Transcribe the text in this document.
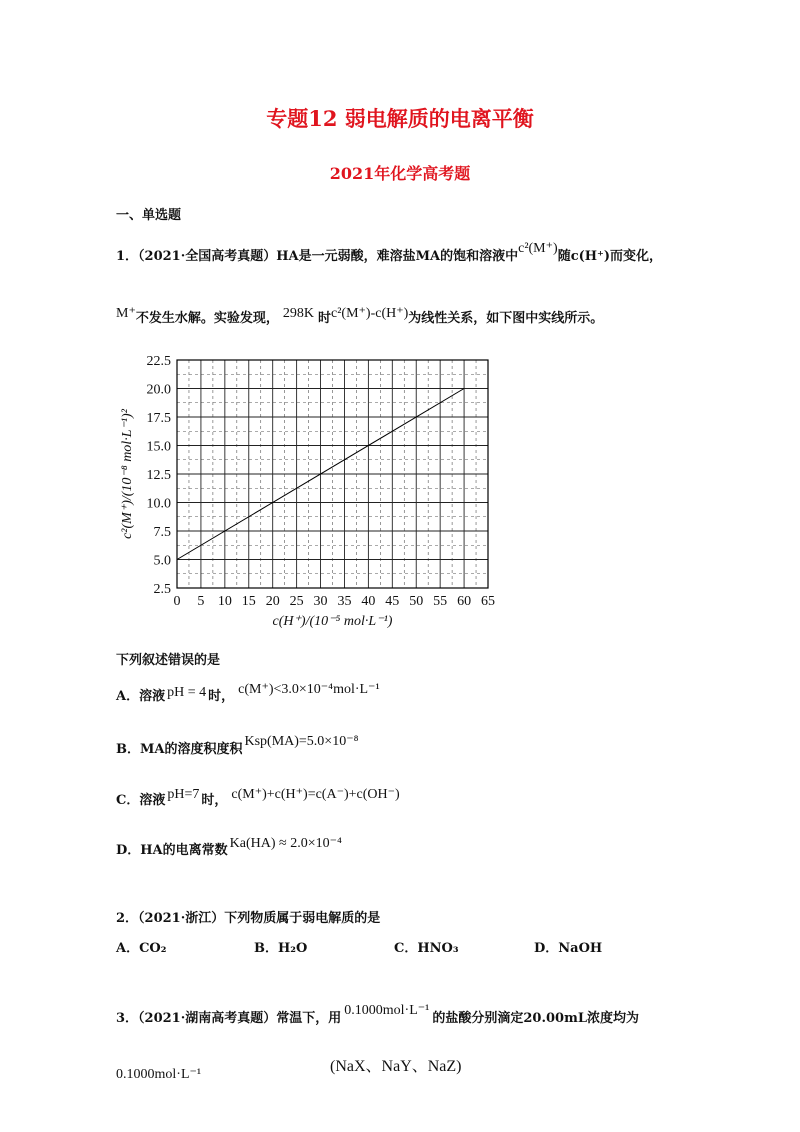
专题12 弱电解质的电离平衡
2021年化学高考题
一、单选题
1．（2021·全国高考真题）HA是一元弱酸，难溶盐MA的饱和溶液中c²(M⁺)随c(H⁺)而变化，
M⁺不发生水解。实验发现， 298K 时c²(M⁺)-c(H⁺)为线性关系，如下图中实线所示。
0 5 10 15 20 25 30 35 40 45 50 55 60 65
2.5
5.0
7.5
10.0
12.5
15.0
17.5
20.0
22.5
c(H⁺)/(10⁻⁵ mol·L⁻¹)
c²(M⁺)/(10⁻⁸ mol·L⁻¹)²
下列叙述错误的是
A．溶液 pH = 4 时， c(M⁺)<3.0×10⁻⁴mol·L⁻¹
B．MA的溶度积度积Ksp(MA)=5.0×10⁻⁸
C．溶液 pH=7 时， c(M⁺)+c(H⁺)=c(A⁻)+c(OH⁻)
D．HA的电离常数 Ka(HA) ≈ 2.0×10⁻⁴
2．（2021·浙江）下列物质属于弱电解质的是
A．CO₂	B．H₂O	C．HNO₃	D．NaOH
3．（2021·湖南高考真题）常温下，用0.1000mol·L⁻¹的盐酸分别滴定20.00mL浓度均为
0.1000mol·L⁻¹	(NaX、NaY、NaZ)
